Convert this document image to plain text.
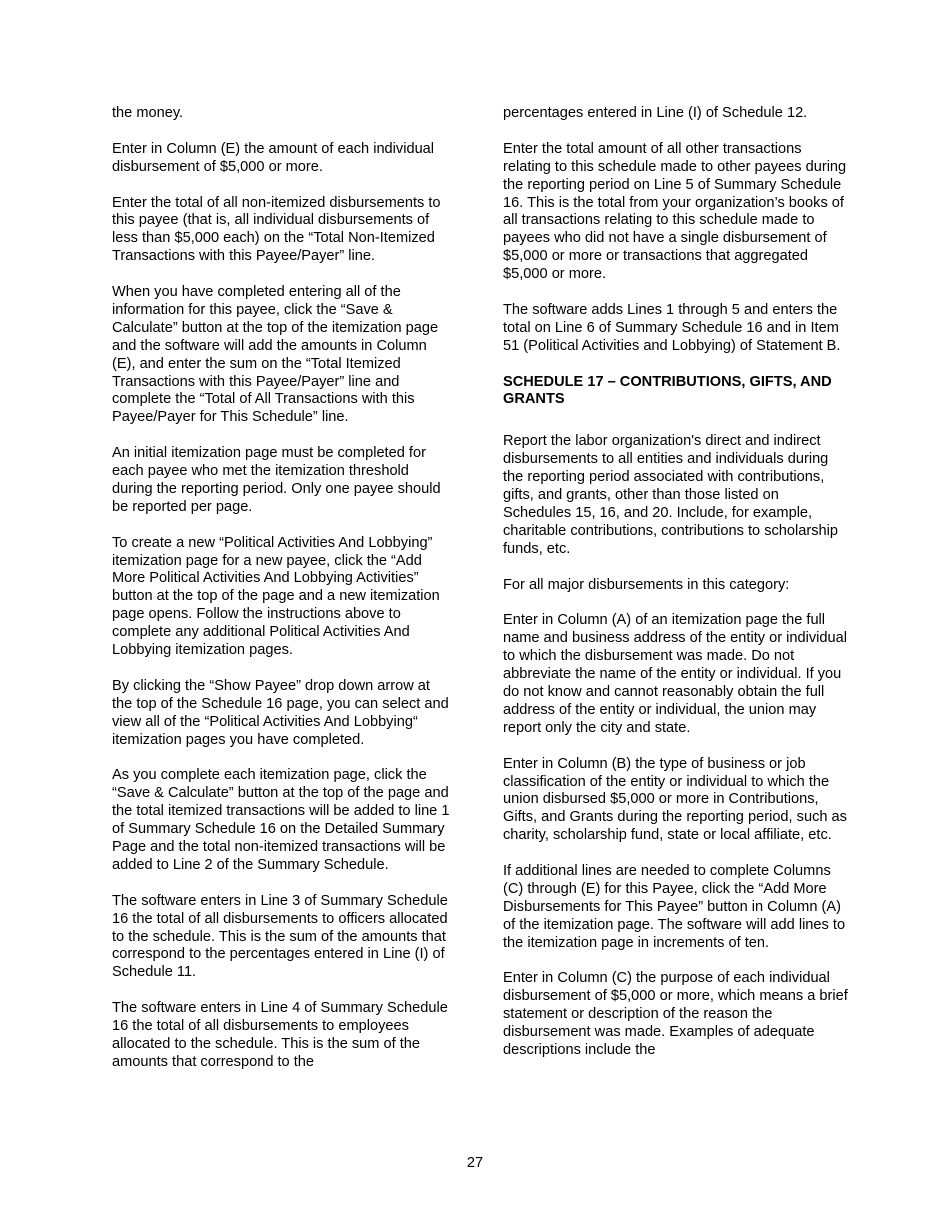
the money.

Enter in Column (E) the amount of each individual disbursement of $5,000 or more.

Enter the total of all non-itemized disbursements to this payee (that is, all individual disbursements of less than $5,000 each) on the “Total Non-Itemized Transactions with this Payee/Payer” line.

When you have completed entering all of the information for this payee, click the “Save & Calculate” button at the top of the itemization page and the software will add the amounts in Column (E), and enter the sum on the “Total Itemized Transactions with this Payee/Payer” line and complete the “Total of All Transactions with this Payee/Payer for This Schedule” line.

An initial itemization page must be completed for each payee who met the itemization threshold during the reporting period. Only one payee should be reported per page.

To create a new “Political Activities And Lobbying” itemization page for a new payee, click the “Add More Political Activities And Lobbying Activities” button at the top of the page and a new itemization page opens. Follow the instructions above to complete any additional Political Activities And Lobbying itemization pages.

By clicking the “Show Payee” drop down arrow at the top of the Schedule 16 page, you can select and view all of the “Political Activities And Lobbying“ itemization pages you have completed.

As you complete each itemization page, click the “Save & Calculate” button at the top of the page and the total itemized transactions will be added to line 1 of Summary Schedule 16 on the Detailed Summary Page and the total non-itemized transactions will be added to Line 2 of the Summary Schedule.

The software enters in Line 3 of Summary Schedule 16 the total of all disbursements to officers allocated to the schedule. This is the sum of the amounts that correspond to the percentages entered in Line (I) of Schedule 11.

The software enters in Line 4 of Summary Schedule 16 the total of all disbursements to employees allocated to the schedule. This is the sum of the amounts that correspond to the

percentages entered in Line (I) of Schedule 12.

Enter the total amount of all other transactions relating to this schedule made to other payees during the reporting period on Line 5 of Summary Schedule 16. This is the total from your organization’s books of all transactions relating to this schedule made to payees who did not have a single disbursement of $5,000 or more or transactions that aggregated $5,000 or more.

The software adds Lines 1 through 5 and enters the total on Line 6 of Summary Schedule 16 and in Item 51 (Political Activities and Lobbying) of Statement B.

SCHEDULE 17 – CONTRIBUTIONS, GIFTS, AND GRANTS

Report the labor organization's direct and indirect disbursements to all entities and individuals during the reporting period associated with contributions, gifts, and grants, other than those listed on Schedules 15, 16, and 20. Include, for example, charitable contributions, contributions to scholarship funds, etc.

For all major disbursements in this category:

Enter in Column (A) of an itemization page the full name and business address of the entity or individual to which the disbursement was made. Do not abbreviate the name of the entity or individual. If you do not know and cannot reasonably obtain the full address of the entity or individual, the union may report only the city and state.

Enter in Column (B) the type of business or job classification of the entity or individual to which the union disbursed $5,000 or more in Contributions, Gifts, and Grants during the reporting period, such as charity, scholarship fund, state or local affiliate, etc.

If additional lines are needed to complete Columns (C) through (E) for this Payee, click the “Add More Disbursements for This Payee” button in Column (A) of the itemization page. The software will add lines to the itemization page in increments of ten.

Enter in Column (C) the purpose of each individual disbursement of $5,000 or more, which means a brief statement or description of the reason the disbursement was made. Examples of adequate descriptions include the

27
